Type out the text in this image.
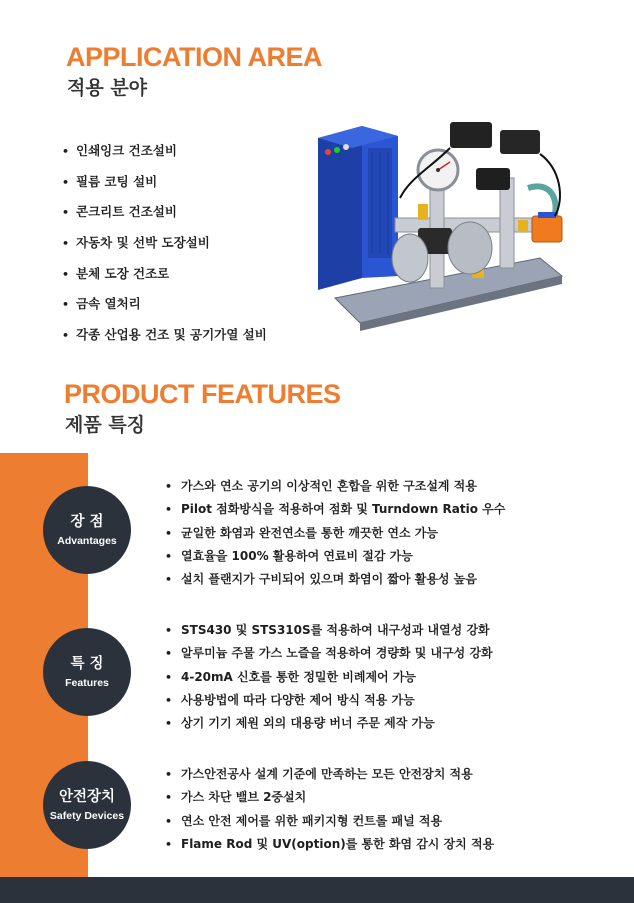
APPLICATION AREA
적용 분야
• 인쇄잉크 건조설비
• 필름 코팅 설비
• 콘크리트 건조설비
• 자동차 및 선박 도장설비
• 분체 도장 건조로
• 금속 열처리
• 각종 산업용 건조 및 공기가열 설비
PRODUCT FEATURES
제품 특징
장 점
Advantages
• 가스와 연소 공기의 이상적인 혼합을 위한 구조설계 적용
• Pilot 점화방식을 적용하여 점화 및 Turndown Ratio 우수
• 균일한 화염과 완전연소를 통한 깨끗한 연소 가능
• 열효율을 100% 활용하여 연료비 절감 가능
• 설치 플랜지가 구비되어 있으며 화염이 짧아 활용성 높음
특 징
Features
• STS430 및 STS310S를 적용하여 내구성과 내열성 강화
• 알루미늄 주물 가스 노즐을 적용하여 경량화 및 내구성 강화
• 4-20mA 신호를 통한 정밀한 비례제어 가능
• 사용방법에 따라 다양한 제어 방식 적용 가능
• 상기 기기 제원 외의 대용량 버너 주문 제작 가능
안전장치
Safety Devices
• 가스안전공사 설계 기준에 만족하는 모든 안전장치 적용
• 가스 차단 밸브 2중설치
• 연소 안전 제어를 위한 패키지형 컨트롤 패널 적용
• Flame Rod 및 UV(option)를 통한 화염 감시 장치 적용
